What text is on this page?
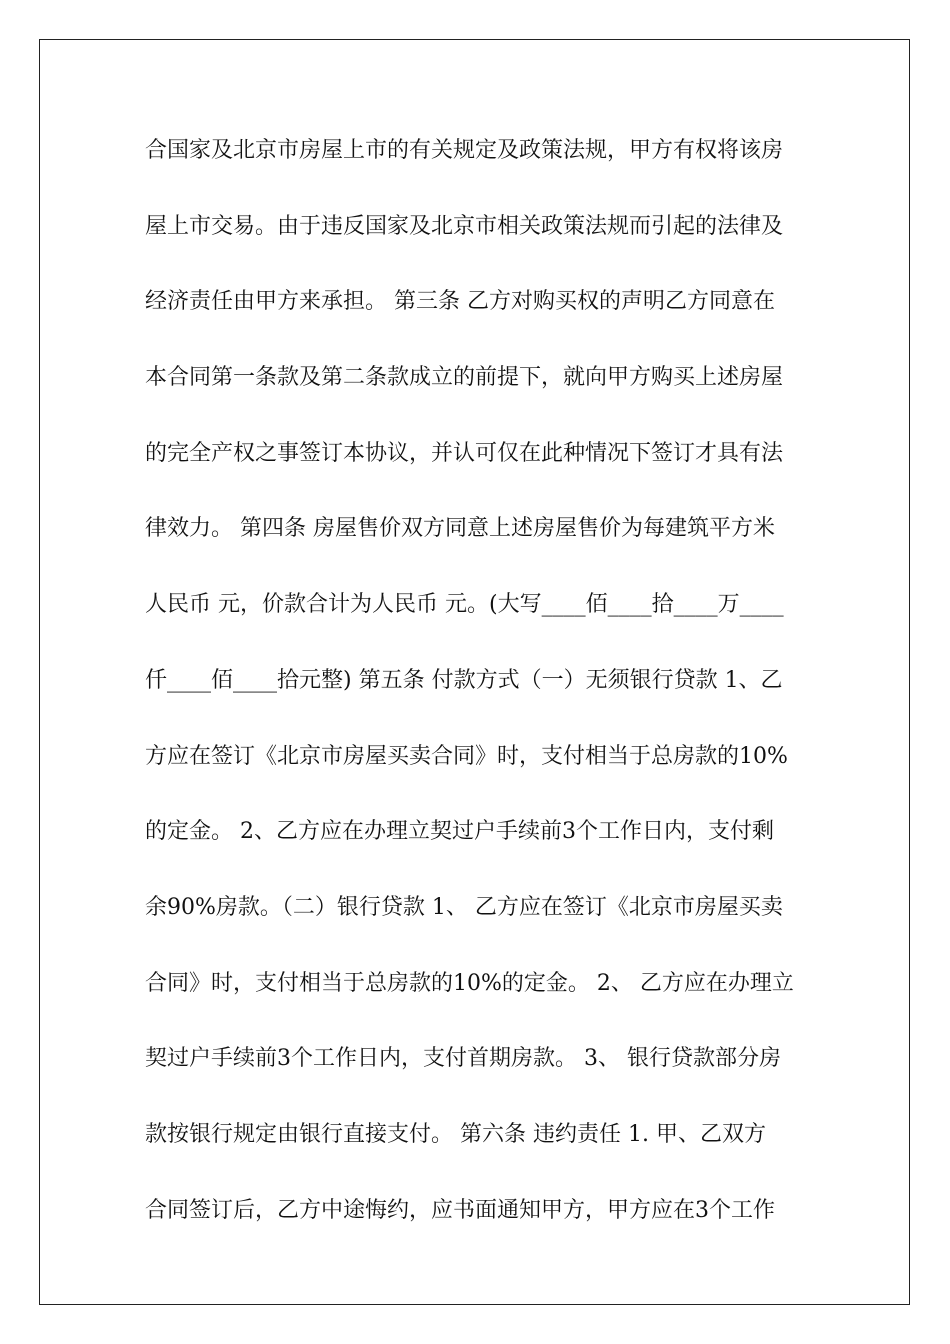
合国家及北京市房屋上市的有关规定及政策法规，甲方有权将该房
屋上市交易。由于违反国家及北京市相关政策法规而引起的法律及
经济责任由甲方来承担。 第三条 乙方对购买权的声明乙方同意在
本合同第一条款及第二条款成立的前提下，就向甲方购买上述房屋
的完全产权之事签订本协议，并认可仅在此种情况下签订才具有法
律效力。 第四条 房屋售价双方同意上述房屋售价为每建筑平方米
人民币 元，价款合计为人民币 元。(大写____佰____拾____万____
仟____佰____拾元整) 第五条 付款方式（一）无须银行贷款 1、乙
方应在签订《北京市房屋买卖合同》时，支付相当于总房款的10%
的定金。 2、乙方应在办理立契过户手续前3个工作日内，支付剩
余90%房款。（二）银行贷款 1、 乙方应在签订《北京市房屋买卖
合同》时，支付相当于总房款的10%的定金。 2、 乙方应在办理立
契过户手续前3个工作日内，支付首期房款。 3、 银行贷款部分房
款按银行规定由银行直接支付。 第六条 违约责任 1. 甲、乙双方
合同签订后，乙方中途悔约，应书面通知甲方，甲方应在3个工作
